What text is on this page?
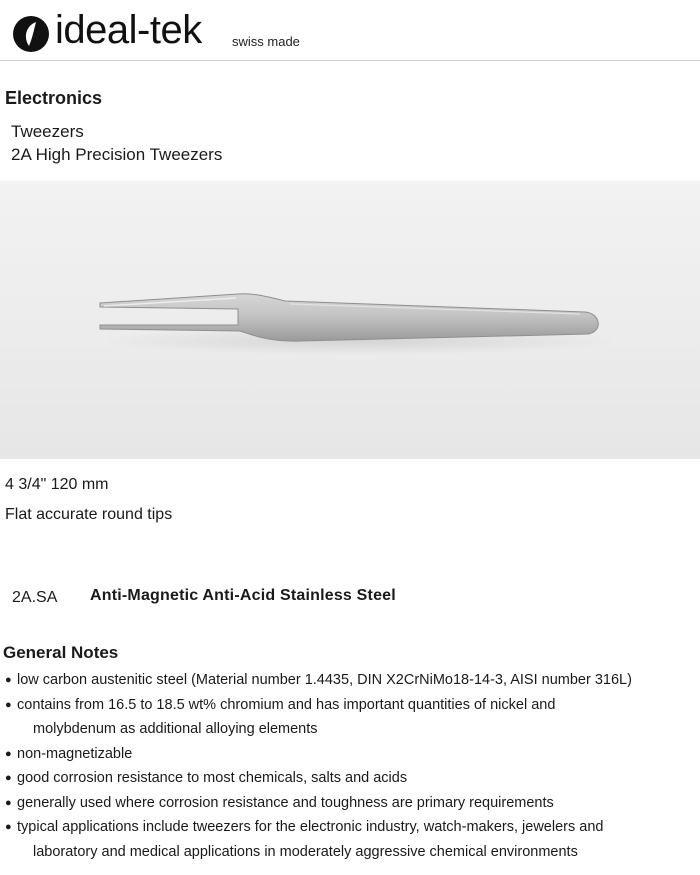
ideal-tek swiss made
Electronics
Tweezers
2A High Precision Tweezers
4 3/4" 120 mm
Flat accurate round tips
2A.SA Anti-Magnetic Anti-Acid Stainless Steel
General Notes
● low carbon austenitic steel (Material number 1.4435, DIN X2CrNiMo18-14-3, AISI number 316L)
● contains from 16.5 to 18.5 wt% chromium and has important quantities of nickel and
molybdenum as additional alloying elements
● non-magnetizable
● good corrosion resistance to most chemicals, salts and acids
● generally used where corrosion resistance and toughness are primary requirements
● typical applications include tweezers for the electronic industry, watch-makers, jewelers and
laboratory and medical applications in moderately aggressive chemical environments
